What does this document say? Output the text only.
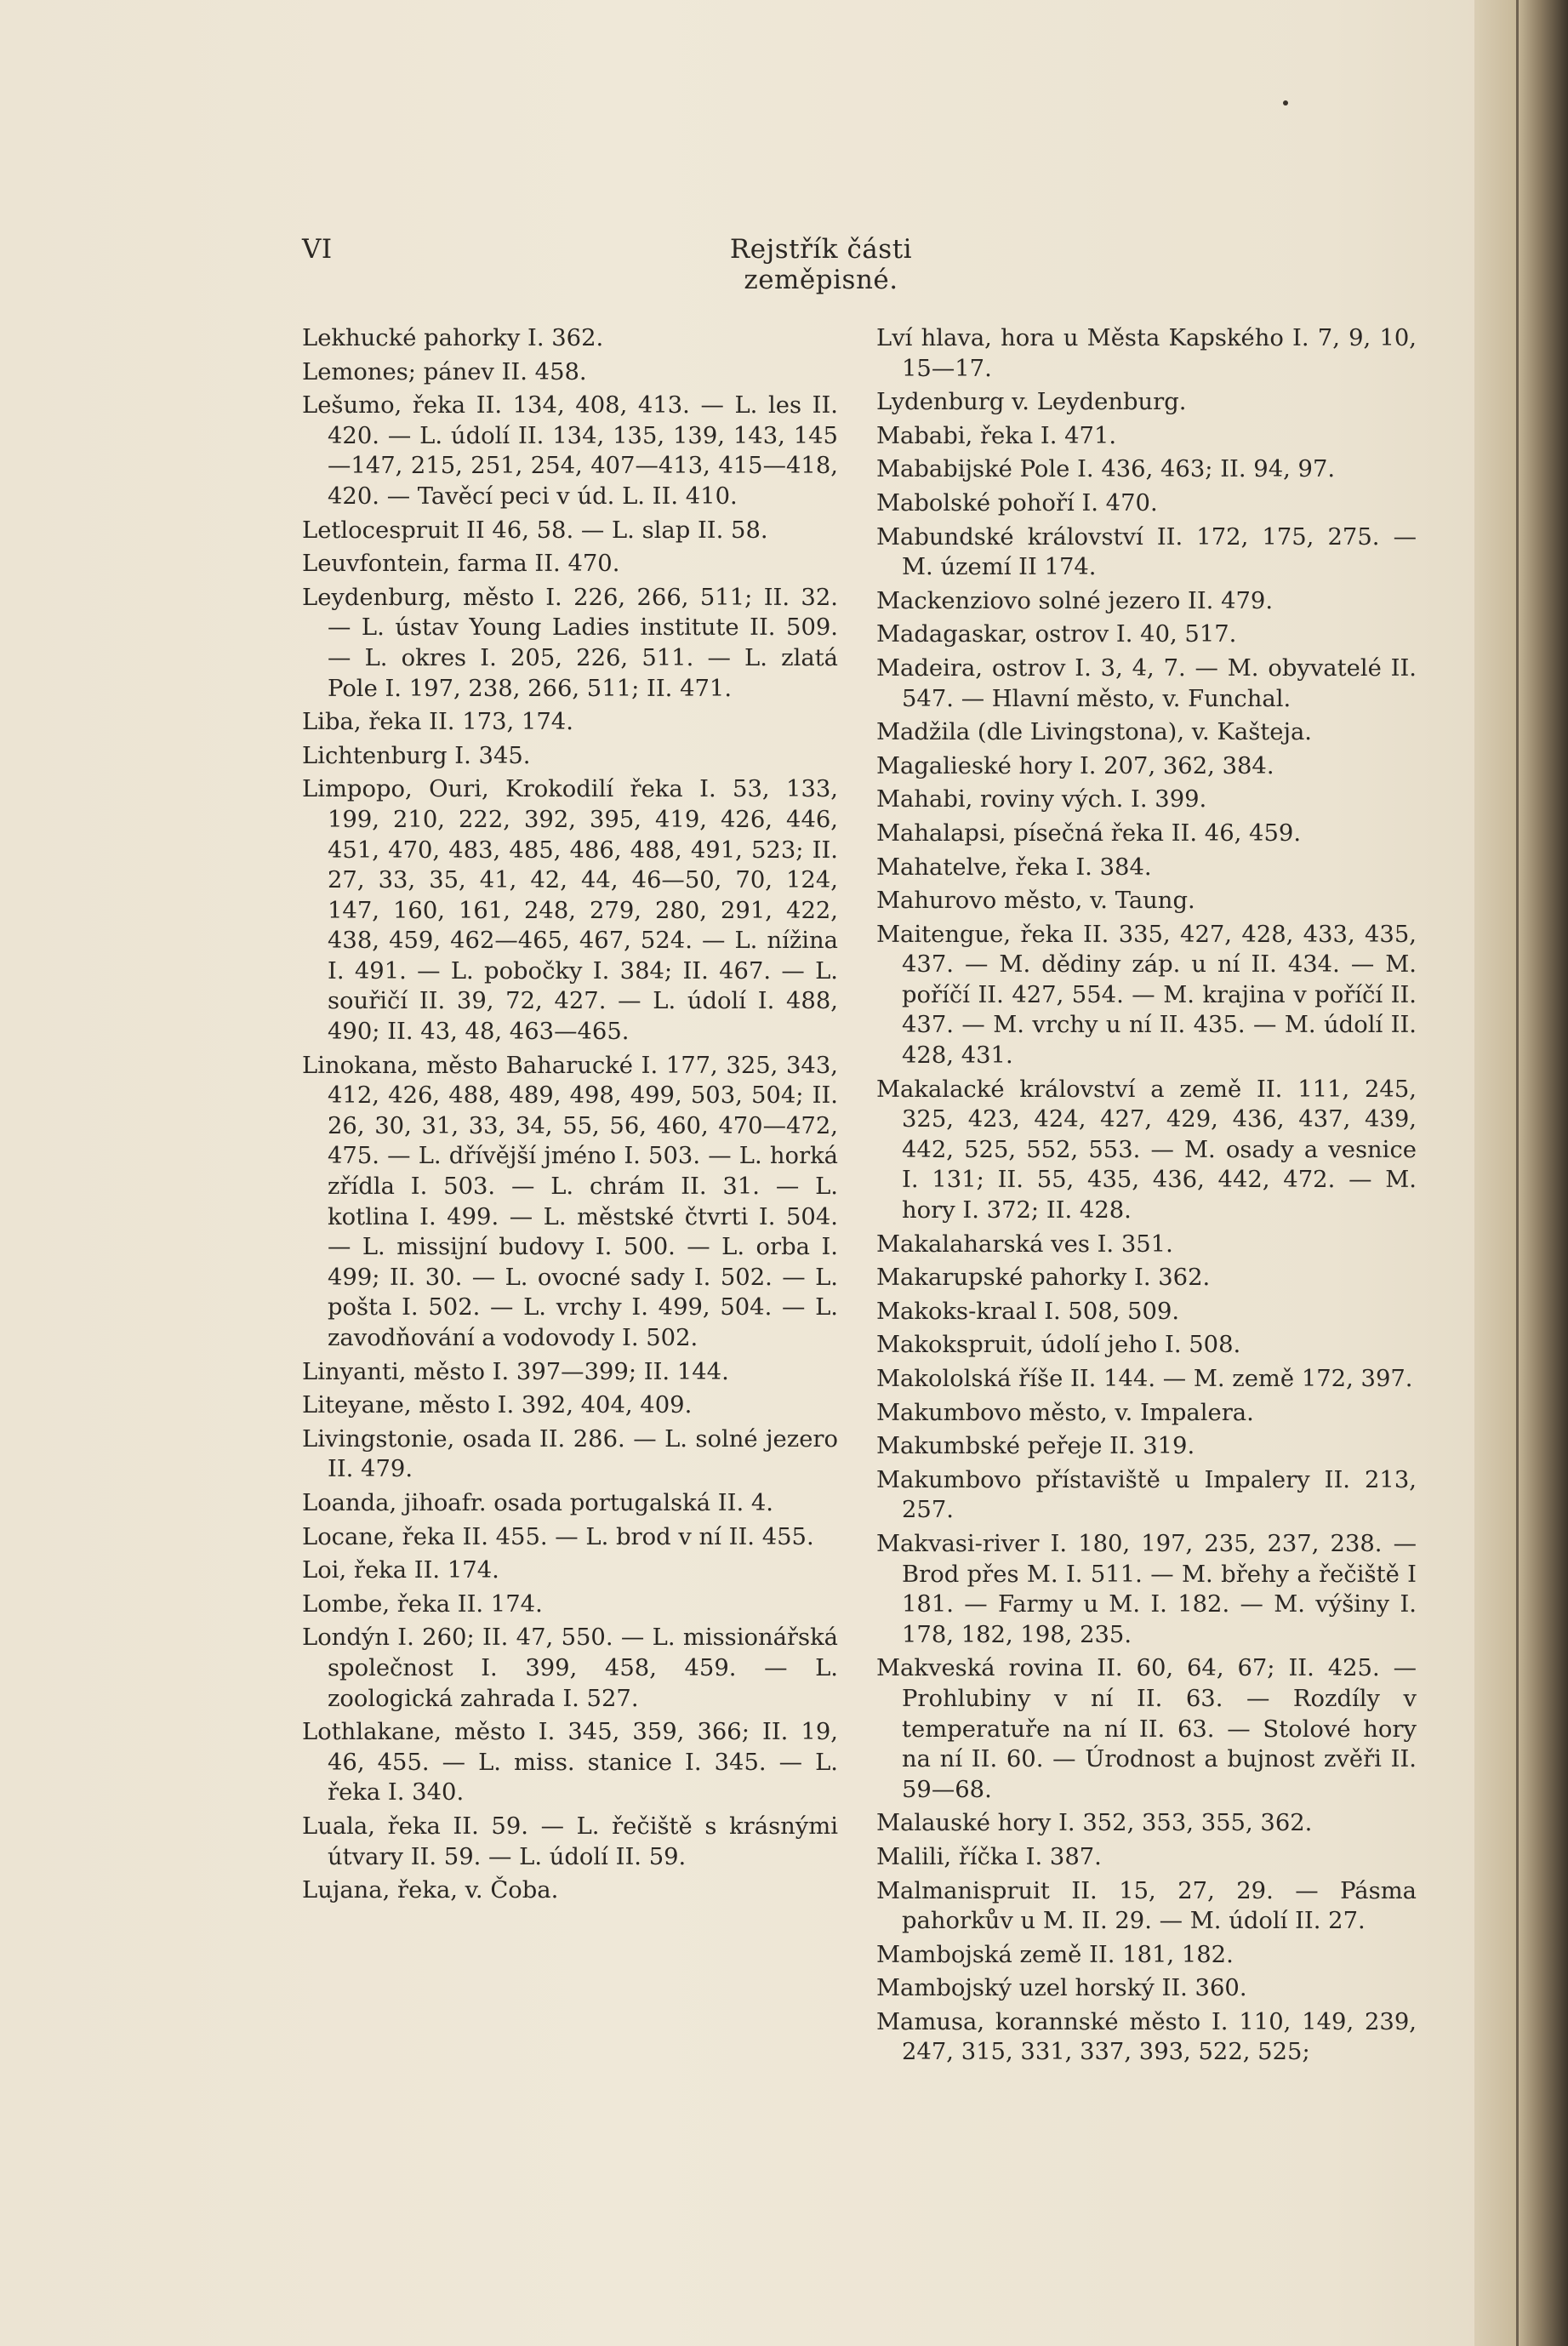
VI	Rejstřík části zeměpisné.
Lekhucké pahorky I. 362.
Lemones; pánev II. 458.
Lešumo, řeka II. 134, 408, 413. — L. les II. 420. — L. údolí II. 134, 135, 139, 143, 145—147, 215, 251, 254, 407—413, 415—418, 420. — Tavěcí peci v úd. L. II. 410.
Letlocespruit II 46, 58. — L. slap II. 58.
Leuvfontein, farma II. 470.
Leydenburg, město I. 226, 266, 511; II. 32. — L. ústav Young Ladies institute II. 509. — L. okres I. 205, 226, 511. — L. zlatá Pole I. 197, 238, 266, 511; II. 471.
Liba, řeka II. 173, 174.
Lichtenburg I. 345.
Limpopo, Ouri, Krokodilí řeka I. 53, 133, 199, 210, 222, 392, 395, 419, 426, 446, 451, 470, 483, 485, 486, 488, 491, 523; II. 27, 33, 35, 41, 42, 44, 46—50, 70, 124, 147, 160, 161, 248, 279, 280, 291, 422, 438, 459, 462—465, 467, 524. — L. nížina I. 491. — L. pobočky I. 384; II. 467. — L. souřičí II. 39, 72, 427. — L. údolí I. 488, 490; II. 43, 48, 463—465.
Linokana, město Baharucké I. 177, 325, 343, 412, 426, 488, 489, 498, 499, 503, 504; II. 26, 30, 31, 33, 34, 55, 56, 460, 470—472, 475. — L. dřívější jméno I. 503. — L. horká zřídla I. 503. — L. chrám II. 31. — L. kotlina I. 499. — L. městské čtvrti I. 504. — L. missijní budovy I. 500. — L. orba I. 499; II. 30. — L. ovocné sady I. 502. — L. pošta I. 502. — L. vrchy I. 499, 504. — L. zavodňování a vodovody I. 502.
Linyanti, město I. 397—399; II. 144.
Liteyane, město I. 392, 404, 409.
Livingstonie, osada II. 286. — L. solné jezero II. 479.
Loanda, jihoafr. osada portugalská II. 4.
Locane, řeka II. 455. — L. brod v ní II. 455.
Loi, řeka II. 174.
Lombe, řeka II. 174.
Londýn I. 260; II. 47, 550. — L. missionářská společnost I. 399, 458, 459. — L. zoologická zahrada I. 527.
Lothlakane, město I. 345, 359, 366; II. 19, 46, 455. — L. miss. stanice I. 345. — L. řeka I. 340.
Luala, řeka II. 59. — L. řečiště s krásnými útvary II. 59. — L. údolí II. 59.
Lujana, řeka, v. Čoba.
Lví hlava, hora u Města Kapského I. 7, 9, 10, 15—17.
Lydenburg v. Leydenburg.
Mababi, řeka I. 471.
Mababijské Pole I. 436, 463; II. 94, 97.
Mabolské pohoří I. 470.
Mabundské království II. 172, 175, 275. — M. území II 174.
Mackenziovo solné jezero II. 479.
Madagaskar, ostrov I. 40, 517.
Madeira, ostrov I. 3, 4, 7. — M. obyvatelé II. 547. — Hlavní město, v. Funchal.
Madžila (dle Livingstona), v. Kašteja.
Magalieské hory I. 207, 362, 384.
Mahabi, roviny vých. I. 399.
Mahalapsi, písečná řeka II. 46, 459.
Mahatelve, řeka I. 384.
Mahurovo město, v. Taung.
Maitengue, řeka II. 335, 427, 428, 433, 435, 437. — M. dědiny záp. u ní II. 434. — M. poříčí II. 427, 554. — M. krajina v poříčí II. 437. — M. vrchy u ní II. 435. — M. údolí II. 428, 431.
Makalacké království a země II. 111, 245, 325, 423, 424, 427, 429, 436, 437, 439, 442, 525, 552, 553. — M. osady a vesnice I. 131; II. 55, 435, 436, 442, 472. — M. hory I. 372; II. 428.
Makalaharská ves I. 351.
Makarupské pahorky I. 362.
Makoks-kraal I. 508, 509.
Makokspruit, údolí jeho I. 508.
Makololská říše II. 144. — M. země 172, 397.
Makumbovo město, v. Impalera.
Makumbské peřeje II. 319.
Makumbovo přístaviště u Impalery II. 213, 257.
Makvasi-river I. 180, 197, 235, 237, 238. — Brod přes M. I. 511. — M. břehy a řečiště I 181. — Farmy u M. I. 182. — M. výšiny I. 178, 182, 198, 235.
Makveská rovina II. 60, 64, 67; II. 425. — Prohlubiny v ní II. 63. — Rozdíly v temperatuře na ní II. 63. — Stolové hory na ní II. 60. — Úrodnost a bujnost zvěři II. 59—68.
Malauské hory I. 352, 353, 355, 362.
Malili, říčka I. 387.
Malmanispruit II. 15, 27, 29. — Pásma pahorkův u M. II. 29. — M. údolí II. 27.
Mambojská země II. 181, 182.
Mambojský uzel horský II. 360.
Mamusa, korannské město I. 110, 149, 239, 247, 315, 331, 337, 393, 522, 525;
